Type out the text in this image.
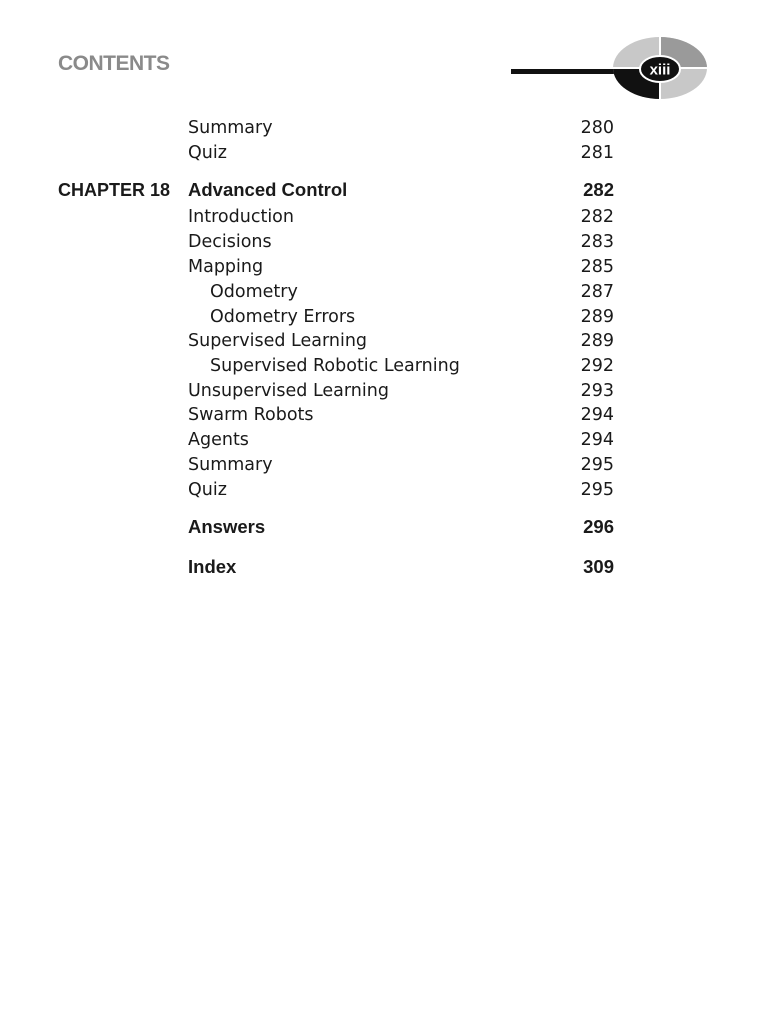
CONTENTS	xiii
Summary	280
Quiz	281
CHAPTER 18 Advanced Control	282
Introduction	282
Decisions	283
Mapping	285
Odometry	287
Odometry Errors	289
Supervised Learning	289
Supervised Robotic Learning	292
Unsupervised Learning	293
Swarm Robots	294
Agents	294
Summary	295
Quiz	295
Answers	296
Index	309
